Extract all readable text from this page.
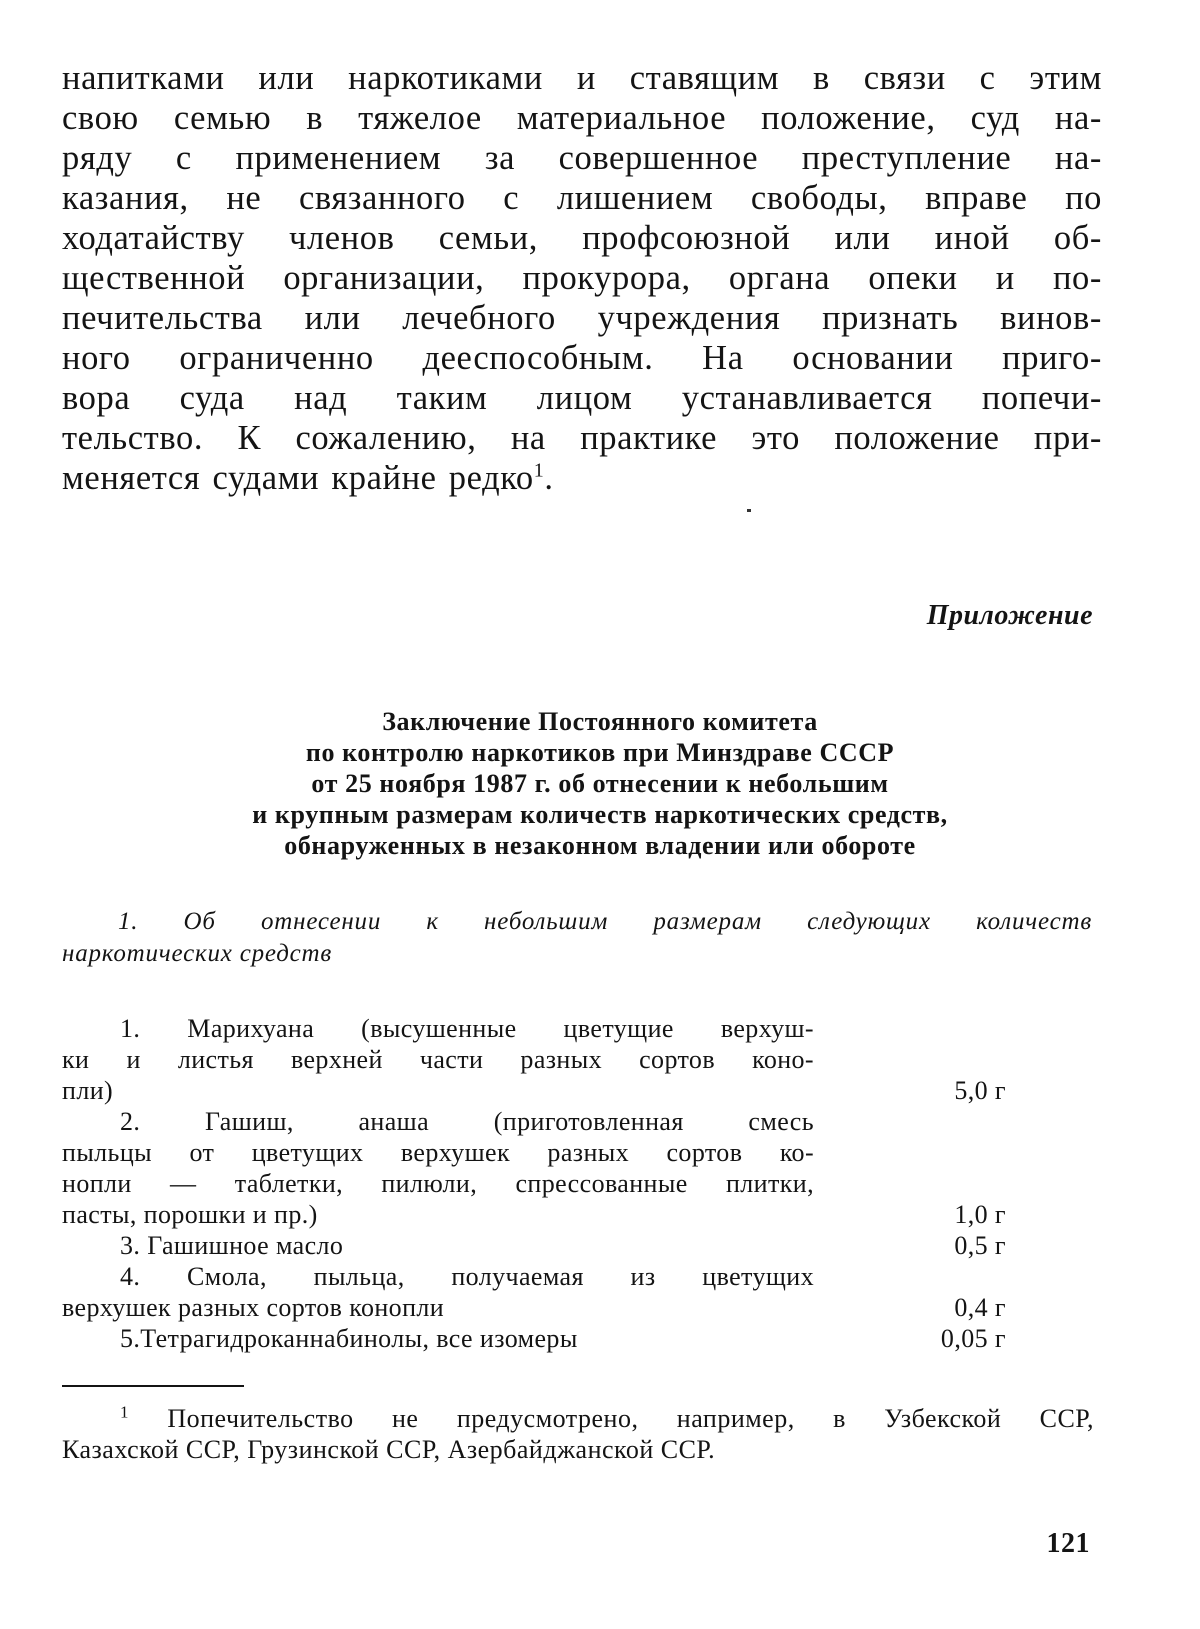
напитками или наркотиками и ставящим в связи с этим
свою семью в тяжелое материальное положение, суд на-
ряду с применением за совершенное преступление на-
казания, не связанного с лишением свободы, вправе по
ходатайству членов семьи, профсоюзной или иной об-
щественной организации, прокурора, органа опеки и по-
печительства или лечебного учреждения признать винов-
ного ограниченно дееспособным. На основании приго-
вора суда над таким лицом устанавливается попечи-
тельство. К сожалению, на практике это положение при-
меняется судами крайне редко$^1$.

Приложение
Заключение Постоянного комитета
по контролю наркотиков при Минздраве СССР
от 25 ноября 1987 г. об отнесении к небольшим
и крупным размерам количеств наркотических средств,
обнаруженных в незаконном владении или обороте
1. Об отнесении к небольшим размерам следующих количеств
наркотических средств
1. Марихуана (высушенные цветущие верхуш-
ки и листья верхней части разных сортов коно-
пли)	5,0 г
2. Гашиш, анаша (приготовленная смесь
пыльцы от цветущих верхушек разных сортов ко-
нопли — таблетки, пилюли, спрессованные плитки,
пасты, порошки и пр.)	1,0 г
3. Гашишное масло	0,5 г
4. Смола, пыльца, получаемая из цветущих
верхушек разных сортов конопли	0,4 г
5.Тетрагидроканнабинолы, все изомеры	0,05 г
$^1$ Попечительство не предусмотрено, например, в Узбекской ССР,
Казахской ССР, Грузинской ССР, Азербайджанской ССР.
121
